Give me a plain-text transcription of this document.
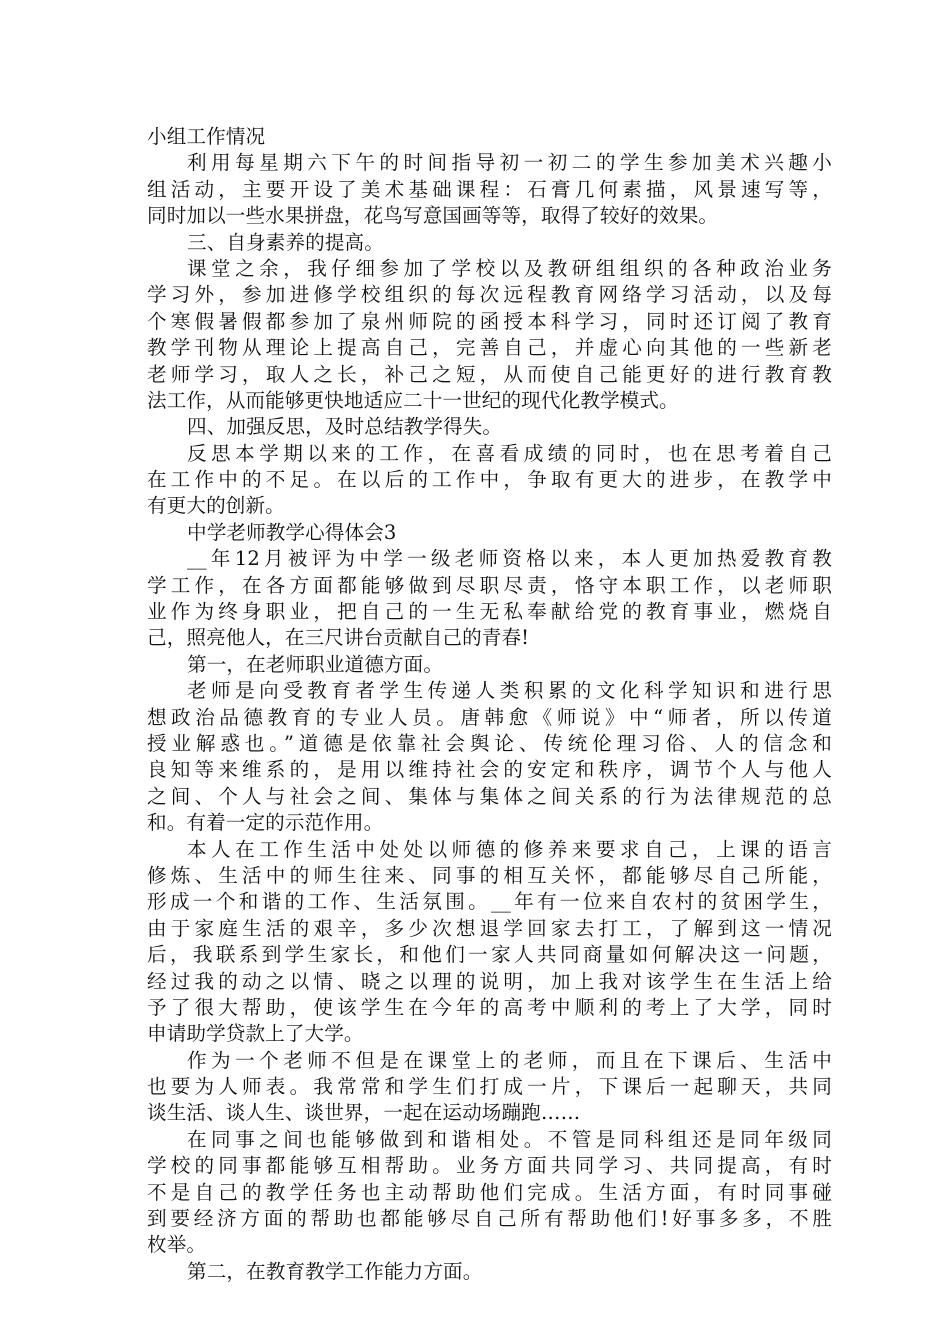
小组工作情况
利用每星期六下午的时间指导初一初二的学生参加美术兴趣小
组活动，主要开设了美术基础课程：石膏几何素描，风景速写等，
同时加以一些水果拼盘，花鸟写意国画等等，取得了较好的效果。
三、自身素养的提高。
课堂之余，我仔细参加了学校以及教研组组织的各种政治业务
学习外，参加进修学校组织的每次远程教育网络学习活动，以及每
个寒假暑假都参加了泉州师院的函授本科学习，同时还订阅了教育
教学刊物从理论上提高自己，完善自己，并虚心向其他的一些新老
老师学习，取人之长，补己之短，从而使自己能更好的进行教育教
法工作，从而能够更快地适应二十一世纪的现代化教学模式。
四、加强反思，及时总结教学得失。
反思本学期以来的工作，在喜看成绩的同时，也在思考着自己
在工作中的不足。在以后的工作中，争取有更大的进步，在教学中
有更大的创新。
中学老师教学心得体会3
__年12月被评为中学一级老师资格以来，本人更加热爱教育教
学工作，在各方面都能够做到尽职尽责，恪守本职工作，以老师职
业作为终身职业，把自己的一生无私奉献给党的教育事业，燃烧自
己，照亮他人，在三尺讲台贡献自己的青春!
第一，在老师职业道德方面。
老师是向受教育者学生传递人类积累的文化科学知识和进行思
想政治品德教育的专业人员。唐韩愈《师说》中“师者，所以传道
授业解惑也。”道德是依靠社会舆论、传统伦理习俗、人的信念和
良知等来维系的，是用以维持社会的安定和秩序，调节个人与他人
之间、个人与社会之间、集体与集体之间关系的行为法律规范的总
和。有着一定的示范作用。
本人在工作生活中处处以师德的修养来要求自己，上课的语言
修炼、生活中的师生往来、同事的相互关怀，都能够尽自己所能，
形成一个和谐的工作、生活氛围。__年有一位来自农村的贫困学生，
由于家庭生活的艰辛，多少次想退学回家去打工，了解到这一情况
后，我联系到学生家长，和他们一家人共同商量如何解决这一问题，
经过我的动之以情、晓之以理的说明，加上我对该学生在生活上给
予了很大帮助，使该学生在今年的高考中顺利的考上了大学，同时
申请助学贷款上了大学。
作为一个老师不但是在课堂上的老师，而且在下课后、生活中
也要为人师表。我常常和学生们打成一片，下课后一起聊天，共同
谈生活、谈人生、谈世界，一起在运动场蹦跑……
在同事之间也能够做到和谐相处。不管是同科组还是同年级同
学校的同事都能够互相帮助。业务方面共同学习、共同提高，有时
不是自己的教学任务也主动帮助他们完成。生活方面，有时同事碰
到要经济方面的帮助也都能够尽自己所有帮助他们!好事多多，不胜
枚举。
第二，在教育教学工作能力方面。
